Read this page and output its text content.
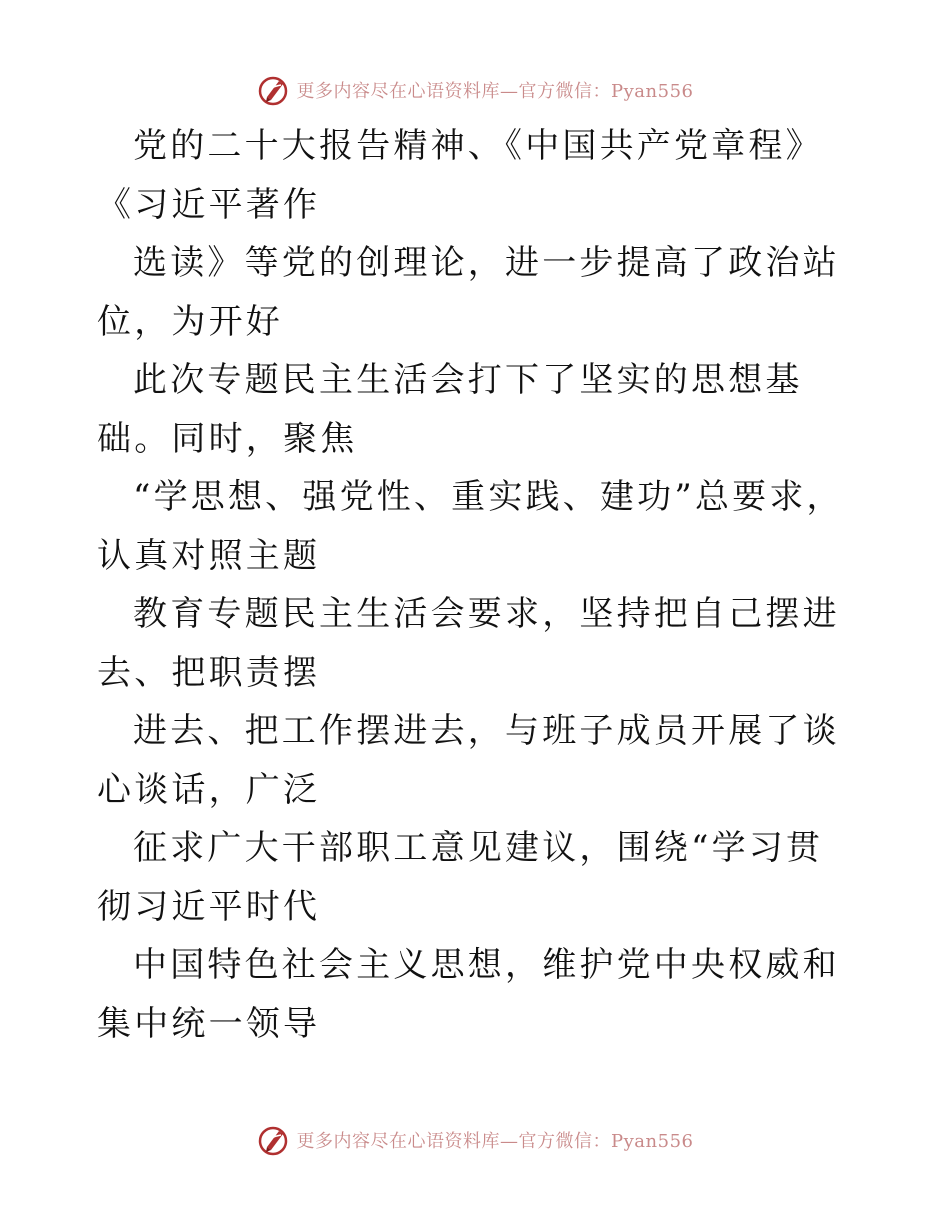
更多内容尽在心语资料库—官方微信：Pyan556

党的二十大报告精神、《中国共产党章程》《习近平著作

选读》等党的创理论，进一步提高了政治站位，为开好

此次专题民主生活会打下了坚实的思想基础。同时，聚焦

“学思想、强党性、重实践、建功”总要求，认真对照主题

教育专题民主生活会要求，坚持把自己摆进去、把职责摆

进去、把工作摆进去，与班子成员开展了谈心谈话，广泛

征求广大干部职工意见建议，围绕“学习贯彻习近平时代

中国特色社会主义思想，维护党中央权威和集中统一领导

更多内容尽在心语资料库—官方微信：Pyan556
